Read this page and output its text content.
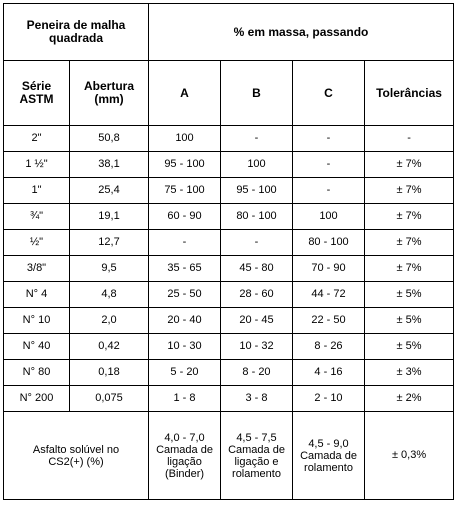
Peneira de malha quadrada		% em massa, passando			
Série ASTM	Abertura (mm)	A	B	C	Tolerâncias
2"	50,8	100	-	-	-
1 ½"	38,1	95 - 100	100	-	± 7%
1"	25,4	75 - 100	95 - 100	-	± 7%
¾"	19,1	60 - 90	80 - 100	100	± 7%
½"	12,7	-	-	80 - 100	± 7%
3/8"	9,5	35 - 65	45 - 80	70 - 90	± 7%
N° 4	4,8	25 - 50	28 - 60	44 - 72	± 5%
N° 10	2,0	20 - 40	20 - 45	22 - 50	± 5%
N° 40	0,42	10 - 30	10 - 32	8 - 26	± 5%
N° 80	0,18	5 - 20	8 - 20	4 - 16	± 3%
N° 200	0,075	1 - 8	3 - 8	2 - 10	± 2%
Asfalto solúvel no CS2(+) (%)		4,0 - 7,0 Camada de ligação (Binder)	4,5 - 7,5 Camada de ligação e rolamento	4,5 - 9,0 Camada de rolamento	± 0,3%
